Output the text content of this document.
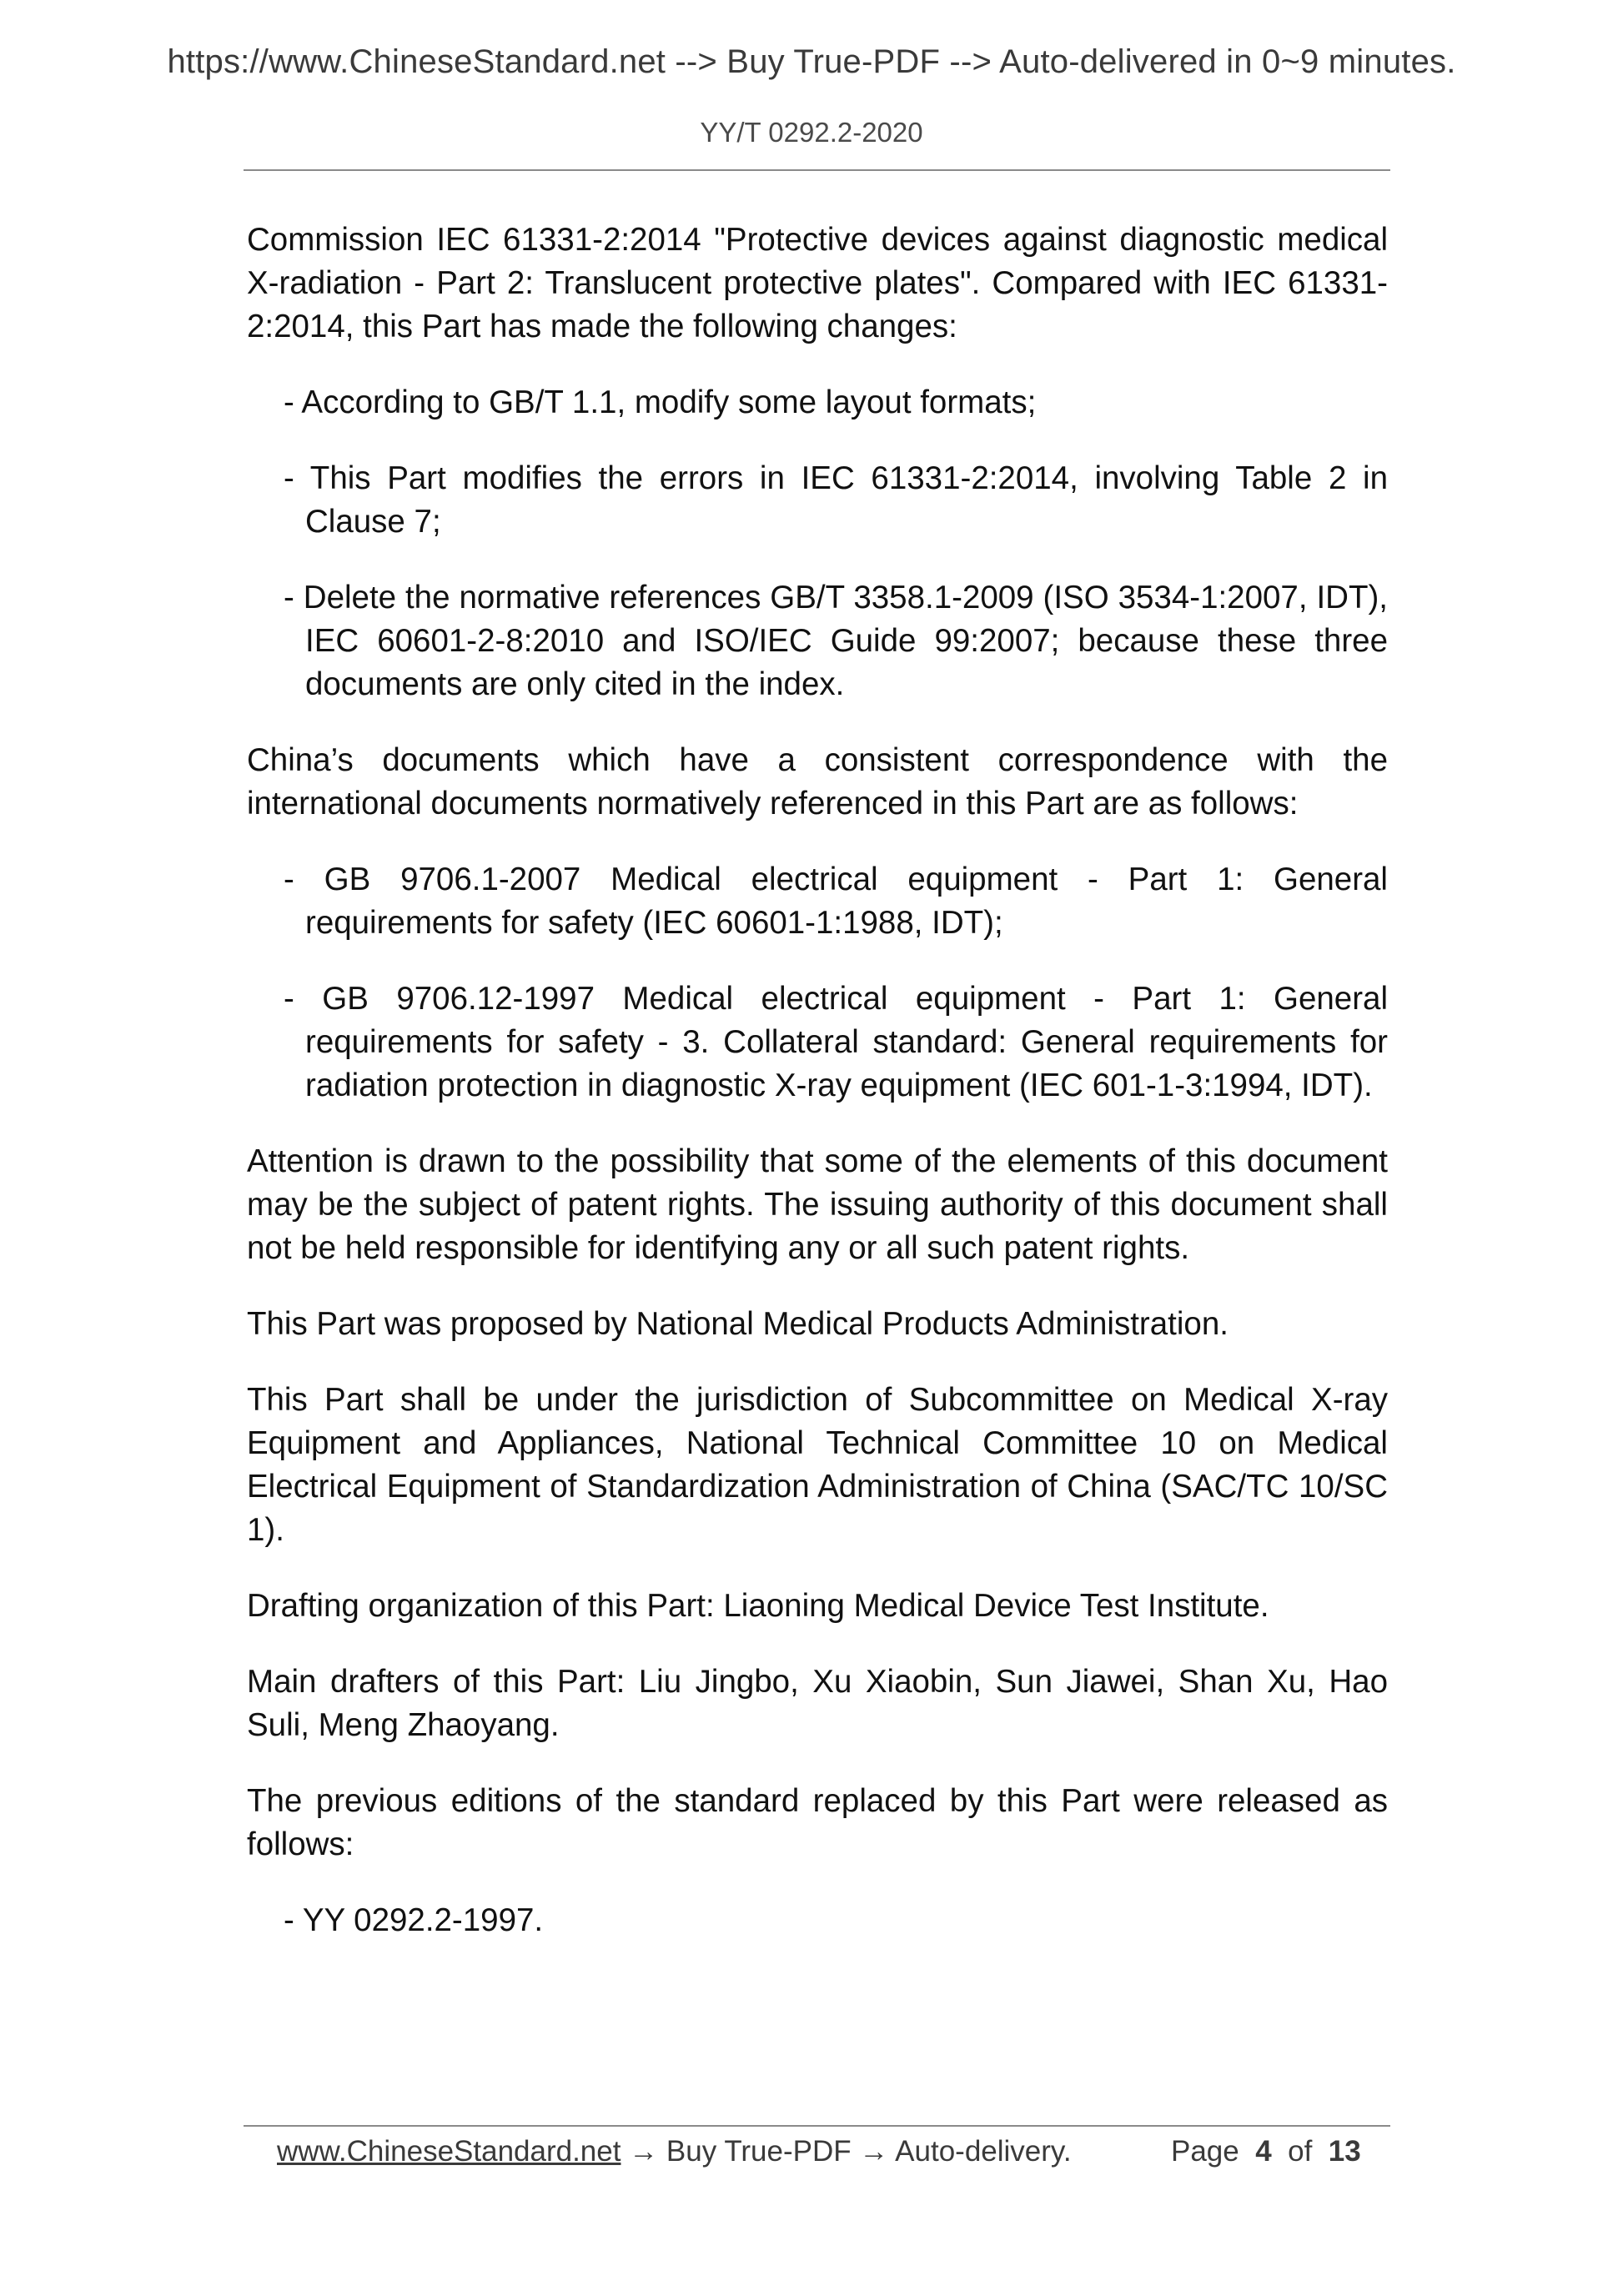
https://www.ChineseStandard.net --> Buy True-PDF --> Auto-delivered in 0~9 minutes.
YY/T 0292.2-2020

Commission IEC 61331-2:2014 "Protective devices against diagnostic medical X-radiation - Part 2: Translucent protective plates". Compared with IEC 61331-2:2014, this Part has made the following changes:

- According to GB/T 1.1, modify some layout formats;

- This Part modifies the errors in IEC 61331-2:2014, involving Table 2 in Clause 7;

- Delete the normative references GB/T 3358.1-2009 (ISO 3534-1:2007, IDT), IEC 60601-2-8:2010 and ISO/IEC Guide 99:2007; because these three documents are only cited in the index.

China’s documents which have a consistent correspondence with the international documents normatively referenced in this Part are as follows:

- GB 9706.1-2007 Medical electrical equipment - Part 1: General requirements for safety (IEC 60601-1:1988, IDT);

- GB 9706.12-1997 Medical electrical equipment - Part 1: General requirements for safety - 3. Collateral standard: General requirements for radiation protection in diagnostic X-ray equipment (IEC 601-1-3:1994, IDT).

Attention is drawn to the possibility that some of the elements of this document may be the subject of patent rights. The issuing authority of this document shall not be held responsible for identifying any or all such patent rights.

This Part was proposed by National Medical Products Administration.

This Part shall be under the jurisdiction of Subcommittee on Medical X-ray Equipment and Appliances, National Technical Committee 10 on Medical Electrical Equipment of Standardization Administration of China (SAC/TC 10/SC 1).

Drafting organization of this Part: Liaoning Medical Device Test Institute.

Main drafters of this Part: Liu Jingbo, Xu Xiaobin, Sun Jiawei, Shan Xu, Hao Suli, Meng Zhaoyang.

The previous editions of the standard replaced by this Part were released as follows:

- YY 0292.2-1997.

www.ChineseStandard.net → Buy True-PDF → Auto-delivery.	Page 4 of 13
